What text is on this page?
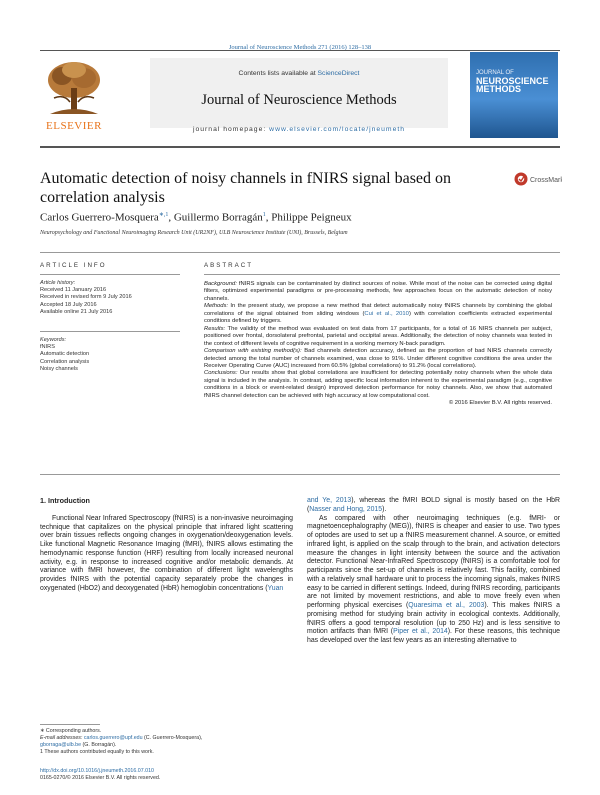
Journal of Neuroscience Methods 271 (2016) 128–138
ELSEVIER
Contents lists available at ScienceDirect
Journal of Neuroscience Methods
journal homepage: www.elsevier.com/locate/jneumeth
JOURNAL OF
NEUROSCIENCE
METHODS
Automatic detection of noisy channels in fNIRS signal based on correlation analysis
CrossMark
Carlos Guerrero-Mosquera$^{∗,1}$, Guillermo Borragán$^1$, Philippe Peigneux
Neuropsychology and Functional Neuroimaging Research Unit (UR2NF), ULB Neuroscience Institute (UNI), Brussels, Belgium
ARTICLE INFO
Article history:
Received 11 January 2016
Received in revised form 9 July 2016
Accepted 18 July 2016
Available online 21 July 2016
Keywords:
fNIRS
Automatic detection
Correlation analysis
Noisy channels
ABSTRACT

Background: fNIRS signals can be contaminated by distinct sources of noise. While most of the noise can be corrected using digital filters, optimized experimental paradigms or pre-processing methods, few approaches focus on the automatic detection of noisy channels.

Methods: In the present study, we propose a new method that detect automatically noisy fNIRS channels by combining the global correlations of the signal obtained from sliding windows (Cui et al., 2010) with correlation coefficients extracted experimental conditions defined by triggers.

Results: The validity of the method was evaluated on test data from 17 participants, for a total of 16 NIRS channels per subject, positioned over frontal, dorsolateral prefrontal, parietal and occipital areas. Additionally, the detection of noisy channels was tested in the context of different levels of cognitive requirement in a working memory N-back paradigm.

Comparison with existing method(s): Bad channels detection accuracy, defined as the proportion of bad NIRS channels correctly detected among the total number of channels examined, was close to 91%. Under different cognitive conditions the area under the Receiver Operating Curve (AUC) increased from 60.5% (global correlations) to 91.2% (local correlations).

Conclusions: Our results show that global correlations are insufficient for detecting potentially noisy channels when the whole data signal is included in the analysis. In contrast, adding specific local information inherent to the experimental paradigm (e.g., cognitive conditions in a block or event-related design) improved detection performance for noisy channels. Also, we show that automated fNIRS channel detection can be achieved with high accuracy at low computational cost.

© 2016 Elsevier B.V. All rights reserved.

1. Introduction

Functional Near Infrared Spectroscopy (fNIRS) is a non-invasive neuroimaging technique that capitalizes on the physical principle that infrared light scattering over brain tissues reflects ongoing changes in oxygenation/deoxygenation levels. Like functional Magnetic Resonance Imaging (fMRI), fNIRS allows estimating the hemodynamic response function (HRF) resulting from locally increased neuronal activity, e.g. in response to increased cognitive and/or metabolic demands. At variance with fMRI however, the combination of different light wavelengths provides fNIRS with the potential capacity separately probe the changes in oxygenated (HbO2) and deoxygenated (HbR) hemoglobin concentrations (Yuan

and Ye, 2013), whereas the fMRI BOLD signal is mostly based on the HbR (Nasser and Hong, 2015).

As compared with other neuroimaging techniques (e.g. fMRI- or magnetoencephalography (MEG)), fNIRS is cheaper and easier to use. Two types of optodes are used to set up a fNIRS measurement channel. A source, or emitted infrared light, is applied on the scalp through to the brain, and activation detectors measure the changes in light intensity between the source and the activation detector. Functional Near-InfraRed Spectroscopy (fNIRS) is a comfortable tool for participants since the set-up of channels is relatively fast. This facility, combined with a relatively small hardware unit to process the incoming signals, makes fNIRS easy to be carried in different settings. Indeed, during fNIRS recording, participants are not limited by movement restrictions, and able to move freely even when performing physical exercises (Quaresima et al., 2003). This makes fNIRS a promising method for studying brain activity in ecological contexts. Additionally, fNIRS offers a good temporal resolution (up to 250 Hz) and is less sensitive to motion artifacts than fMRI (Piper et al., 2014). For these reasons, this technique has developed over the last few years as an interesting alternative to

∗ Corresponding authors.
E-mail addresses: carlos.guerrero@upf.edu (C. Guerrero-Mosquera),
gborraga@ulb.be (G. Borragán).
1 These authors contributed equally to this work.
http://dx.doi.org/10.1016/j.jneumeth.2016.07.010
0165-0270/© 2016 Elsevier B.V. All rights reserved.
